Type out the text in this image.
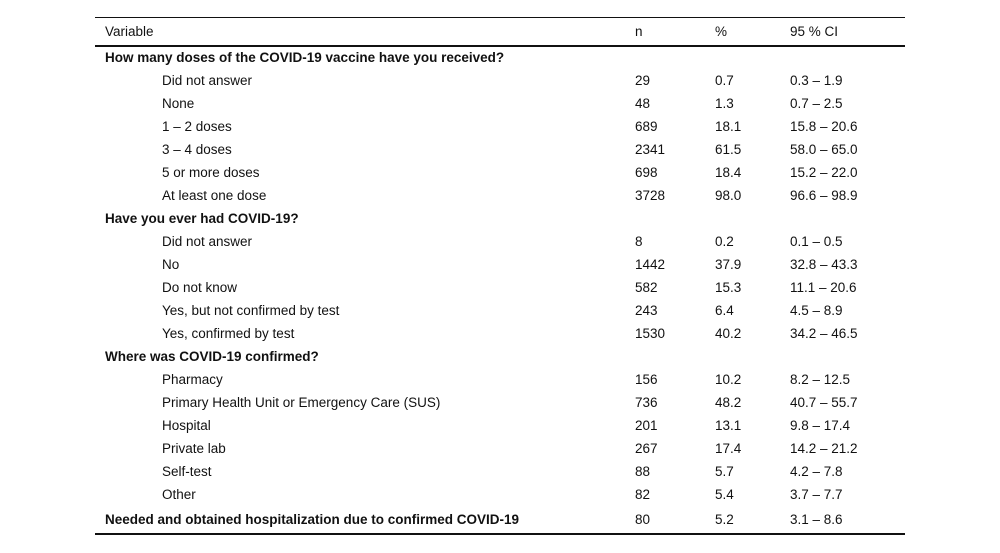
Variable	n	%	95 % CI
How many doses of the COVID-19 vaccine have you received?			
Did not answer	29	0.7	0.3 – 1.9
None	48	1.3	0.7 – 2.5
1 – 2 doses	689	18.1	15.8 – 20.6
3 – 4 doses	2341	61.5	58.0 – 65.0
5 or more doses	698	18.4	15.2 – 22.0
At least one dose	3728	98.0	96.6 – 98.9
Have you ever had COVID-19?			
Did not answer	8	0.2	0.1 – 0.5
No	1442	37.9	32.8 – 43.3
Do not know	582	15.3	11.1 – 20.6
Yes, but not confirmed by test	243	6.4	4.5 – 8.9
Yes, confirmed by test	1530	40.2	34.2 – 46.5
Where was COVID-19 confirmed?			
Pharmacy	156	10.2	8.2 – 12.5
Primary Health Unit or Emergency Care (SUS)	736	48.2	40.7 – 55.7
Hospital	201	13.1	9.8 – 17.4
Private lab	267	17.4	14.2 – 21.2
Self-test	88	5.7	4.2 – 7.8
Other	82	5.4	3.7 – 7.7
Needed and obtained hospitalization due to confirmed COVID-19	80	5.2	3.1 – 8.6
